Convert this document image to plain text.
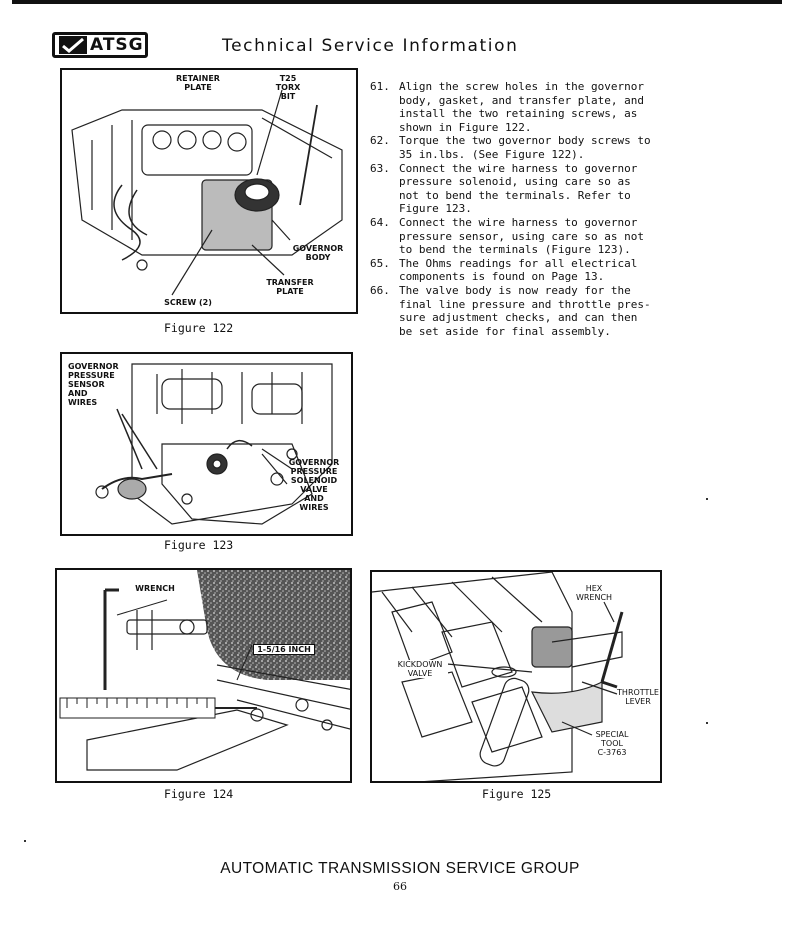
ATSG	Technical Service Information
RETAINER
PLATE
T25
TORX
BIT
GOVERNOR
BODY
TRANSFER
PLATE
SCREW (2)
Figure 122
61. Align the screw holes in the governor
body, gasket, and transfer plate, and
install the two retaining screws, as
shown in Figure 122.
62. Torque the two governor body screws to
35 in.lbs. (See Figure 122).
63. Connect the wire harness to governor
pressure solenoid, using care so as
not to bend the terminals. Refer to
Figure 123.
64. Connect the wire harness to governor
pressure sensor, using care so as not
to bend the terminals (Figure 123).
65. The Ohms readings for all electrical
components is found on Page 13.
66. The valve body is now ready for the
final line pressure and throttle pres-
sure adjustment checks, and can then
be set aside for final assembly.
GOVERNOR
PRESSURE
SENSOR
AND
WIRES
GOVERNOR
PRESSURE
SOLENOID
VALVE
AND
WIRES
Figure 123
WRENCH
1-5/16 INCH
Figure 124
HEX
WRENCH
KICKDOWN
VALVE
THROTTLE
LEVER
SPECIAL
TOOL
C-3763
Figure 125
AUTOMATIC TRANSMISSION SERVICE GROUP
66
